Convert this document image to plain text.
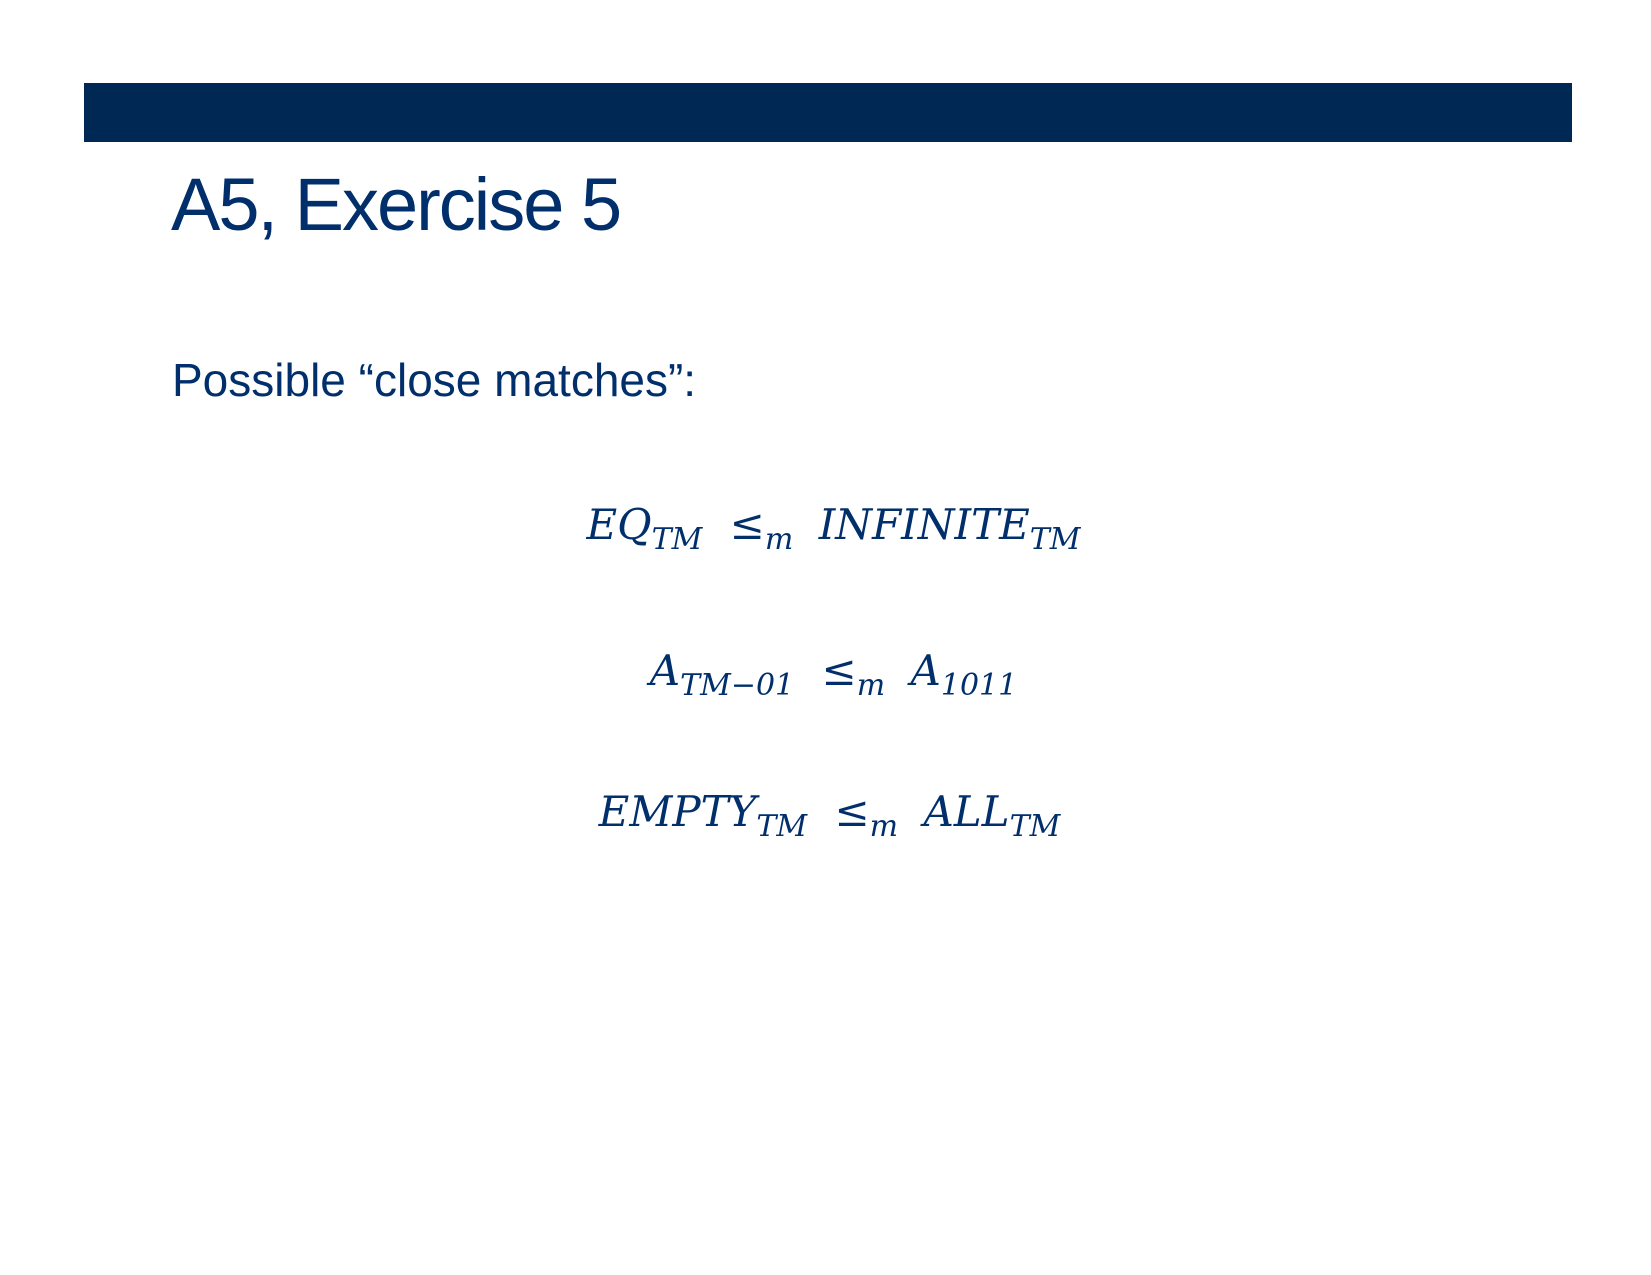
A5, Exercise 5

Possible “close matches”:

$EQ_{TM} \le_m$ $INFINITE_{TM}$
$A_{TM-01} \le_m$ $A_{1011}$
$EMPTY_{TM} \le_m$ $ALL_{TM}$
